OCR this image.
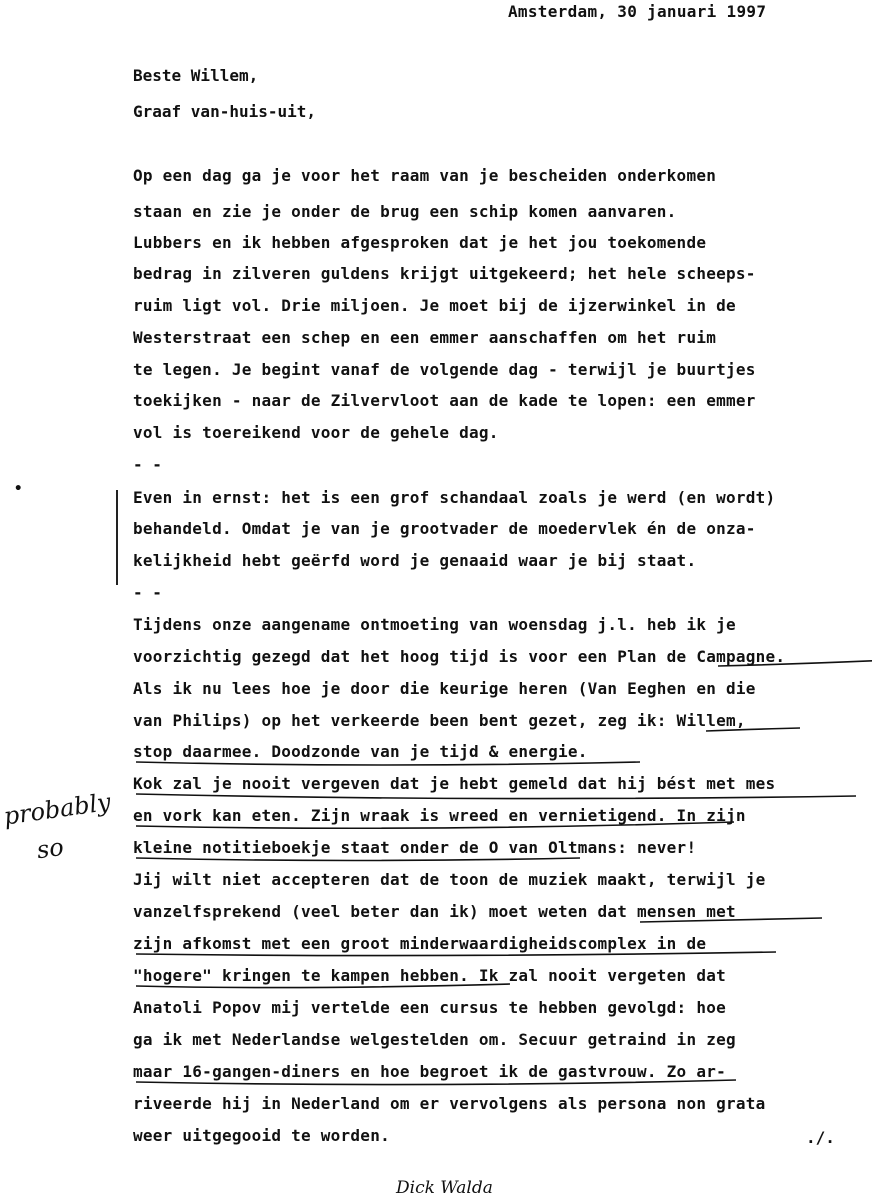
Amsterdam, 30 januari 1997
Beste Willem,
Graaf van-huis-uit,
Op een dag ga je voor het raam van je bescheiden onderkomen
staan en zie je onder de brug een schip komen aanvaren.
Lubbers en ik hebben afgesproken dat je het jou toekomende
bedrag in zilveren guldens krijgt uitgekeerd; het hele scheeps-
ruim ligt vol. Drie miljoen. Je moet bij de ijzerwinkel in de
Westerstraat een schep en een emmer aanschaffen om het ruim
te legen. Je begint vanaf de volgende dag - terwijl je buurtjes
toekijken - naar de Zilvervloot aan de kade te lopen: een emmer
vol is toereikend voor de gehele dag.
- -
•	Even in ernst: het is een grof schandaal zoals je werd (en wordt)
behandeld. Omdat je van je grootvader de moedervlek én de onza-
kelijkheid hebt geërfd word je genaaid waar je bij staat.
- -
Tijdens onze aangename ontmoeting van woensdag j.l. heb ik je
voorzichtig gezegd dat het hoog tijd is voor een Plan de Campagne.
Als ik nu lees hoe je door die keurige heren (Van Eeghen en die
van Philips) op het verkeerde been bent gezet, zeg ik: Willem,
stop daarmee. Doodzonde van je tijd & energie.
Kok zal je nooit vergeven dat je hebt gemeld dat hij bést met mes
en vork kan eten. Zijn wraak is wreed en vernietigend. In zijn
kleine notitieboekje staat onder de O van Oltmans: never!
Jij wilt niet accepteren dat de toon de muziek maakt, terwijl je
vanzelfsprekend (veel beter dan ik) moet weten dat mensen met
zijn afkomst met een groot minderwaardigheidscomplex in de
"hogere" kringen te kampen hebben. Ik zal nooit vergeten dat
Anatoli Popov mij vertelde een cursus te hebben gevolgd: hoe
ga ik met Nederlandse welgestelden om. Secuur getraind in zeg
maar 16-gangen-diners en hoe begroet ik de gastvrouw. Zo ar-
riveerde hij in Nederland om er vervolgens als persona non grata
weer uitgegooid te worden.	./.
probably
so
Dick Walda
